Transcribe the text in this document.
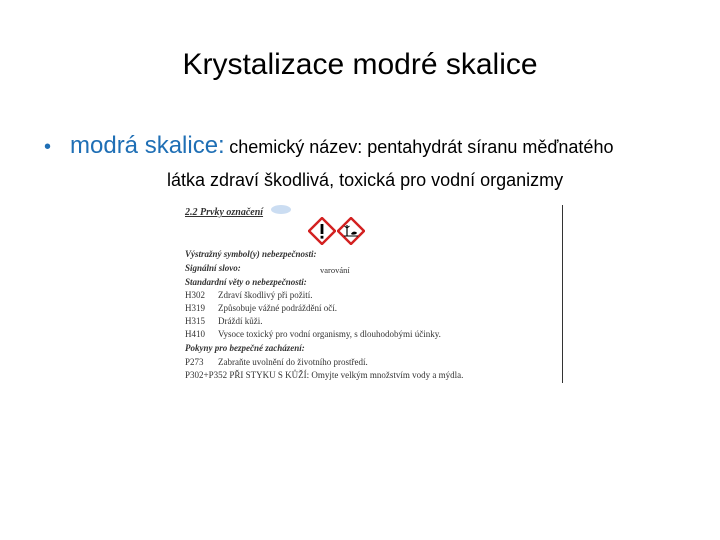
Krystalizace modré skalice
• modrá skalice: chemický název: pentahydrát síranu měďnatého
látka zdraví škodlivá, toxická pro vodní organizmy
2.2 Prvky označení
Výstražný symbol(y) nebezpečnosti:
Signální slovo:	varování
Standardní věty o nebezpečnosti:
H302 Zdraví škodlivý při požití.
H319 Způsobuje vážné podráždění očí.
H315 Dráždí kůži.
H410 Vysoce toxický pro vodní organismy, s dlouhodobými účinky.
Pokyny pro bezpečné zacházení:
P273 Zabraňte uvolnění do životního prostředí.
P302+P352 PŘI STYKU S KŮŽÍ: Omyjte velkým množstvím vody a mýdla.
